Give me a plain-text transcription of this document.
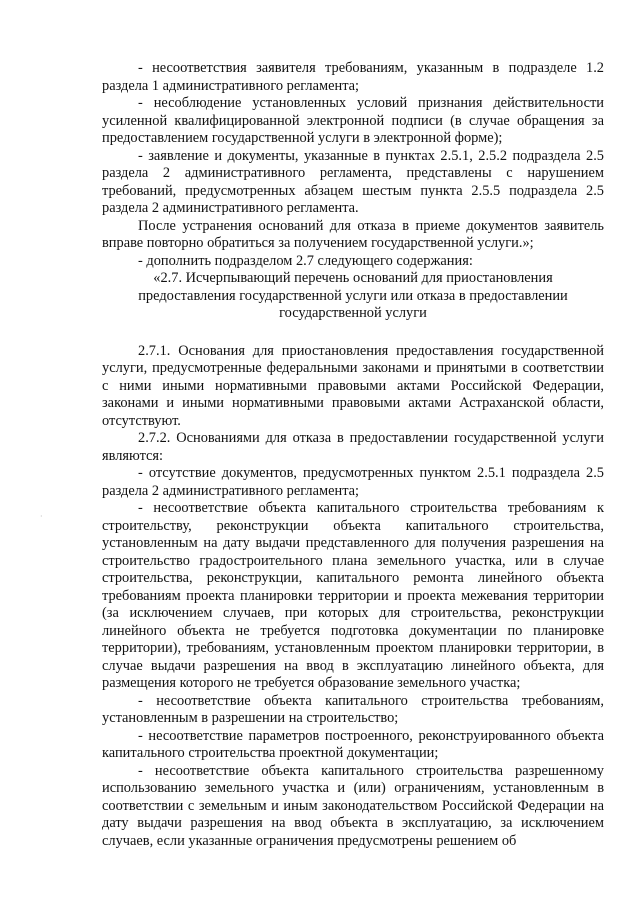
·

- несоответствия заявителя требованиям, указанным в подразделе 1.2 раздела 1 административного регламента;

- несоблюдение установленных условий признания действительности усиленной квалифицированной электронной подписи (в случае обращения за предоставлением государственной услуги в электронной форме);

- заявление и документы, указанные в пунктах 2.5.1, 2.5.2 подраздела 2.5 раздела 2 административного регламента, представлены с нарушением требований, предусмотренных абзацем шестым пункта 2.5.5 подраздела 2.5 раздела 2 административного регламента.

После устранения оснований для отказа в приеме документов заявитель вправе повторно обратиться за получением государственной услуги.»;

- дополнить подразделом 2.7 следующего содержания:

«2.7. Исчерпывающий перечень оснований для приостановления предоставления государственной услуги или отказа в предоставлении государственной услуги

2.7.1. Основания для приостановления предоставления государственной услуги, предусмотренные федеральными законами и принятыми в соответствии с ними иными нормативными правовыми актами Российской Федерации, законами и иными нормативными правовыми актами Астраханской области, отсутствуют.

2.7.2. Основаниями для отказа в предоставлении государственной услуги являются:

- отсутствие документов, предусмотренных пунктом 2.5.1 подраздела 2.5 раздела 2 административного регламента;

- несоответствие объекта капитального строительства требованиям к строительству, реконструкции объекта капитального строительства, установленным на дату выдачи представленного для получения разрешения на строительство градостроительного плана земельного участка, или в случае строительства, реконструкции, капитального ремонта линейного объекта требованиям проекта планировки территории и проекта межевания территории (за исключением случаев, при которых для строительства, реконструкции линейного объекта не требуется подготовка документации по планировке территории), требованиям, установленным проектом планировки территории, в случае выдачи разрешения на ввод в эксплуатацию линейного объекта, для размещения которого не требуется образование земельного участка;

- несоответствие объекта капитального строительства требованиям, установленным в разрешении на строительство;

- несоответствие параметров построенного, реконструированного объекта капитального строительства проектной документации;

- несоответствие объекта капитального строительства разрешенному использованию земельного участка и (или) ограничениям, установленным в соответствии с земельным и иным законодательством Российской Федерации на дату выдачи разрешения на ввод объекта в эксплуатацию, за исключением случаев, если указанные ограничения предусмотрены решением об
